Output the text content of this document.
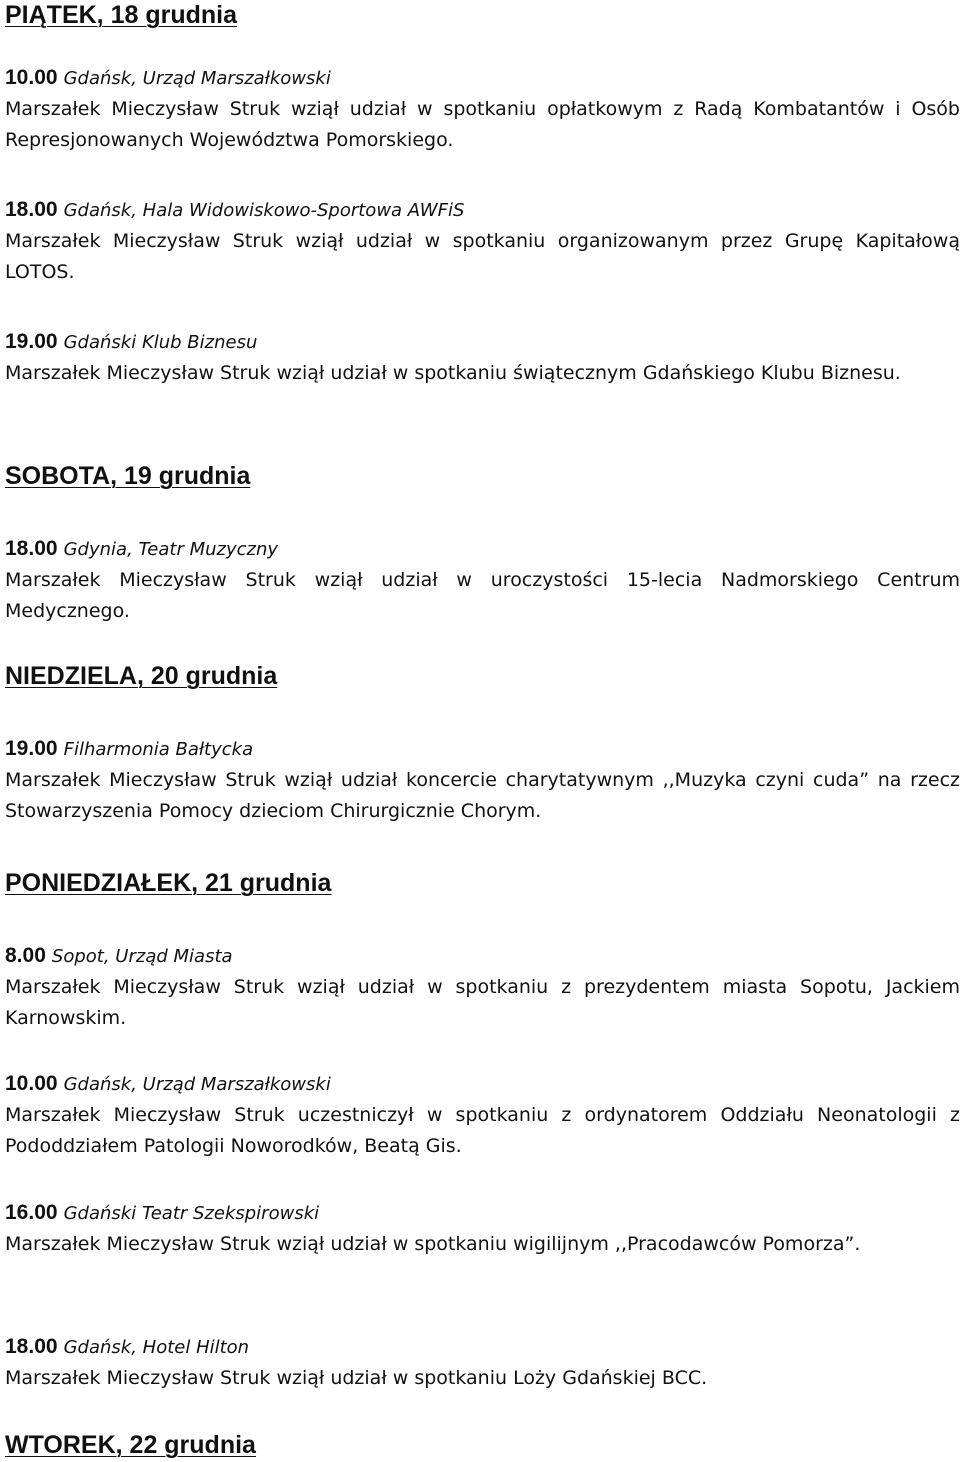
PIĄTEK, 18 grudnia
10.00 Gdańsk, Urząd Marszałkowski
Marszałek Mieczysław Struk wziął udział w spotkaniu opłatkowym z Radą Kombatantów i Osób Represjonowanych Województwa Pomorskiego.
18.00 Gdańsk, Hala Widowiskowo-Sportowa AWFiS
Marszałek Mieczysław Struk wziął udział w spotkaniu organizowanym przez Grupę Kapitałową LOTOS.
19.00 Gdański Klub Biznesu
Marszałek Mieczysław Struk wziął udział w spotkaniu świątecznym Gdańskiego Klubu Biznesu.
SOBOTA, 19 grudnia
18.00 Gdynia, Teatr Muzyczny
Marszałek Mieczysław Struk wziął udział w uroczystości 15-lecia Nadmorskiego Centrum Medycznego.
NIEDZIELA, 20 grudnia
19.00 Filharmonia Bałtycka
Marszałek Mieczysław Struk wziął udział koncercie charytatywnym ,,Muzyka czyni cuda” na rzecz Stowarzyszenia Pomocy dzieciom Chirurgicznie Chorym.
PONIEDZIAŁEK, 21 grudnia
8.00 Sopot, Urząd Miasta
Marszałek Mieczysław Struk wziął udział w spotkaniu z prezydentem miasta Sopotu, Jackiem Karnowskim.
10.00 Gdańsk, Urząd Marszałkowski
Marszałek Mieczysław Struk uczestniczył w spotkaniu z ordynatorem Oddziału Neonatologii z Pododdziałem Patologii Noworodków, Beatą Gis.
16.00 Gdański Teatr Szekspirowski
Marszałek Mieczysław Struk wziął udział w spotkaniu wigilijnym ,,Pracodawców Pomorza”.
18.00 Gdańsk, Hotel Hilton
Marszałek Mieczysław Struk wziął udział w spotkaniu Loży Gdańskiej BCC.
WTOREK, 22 grudnia
